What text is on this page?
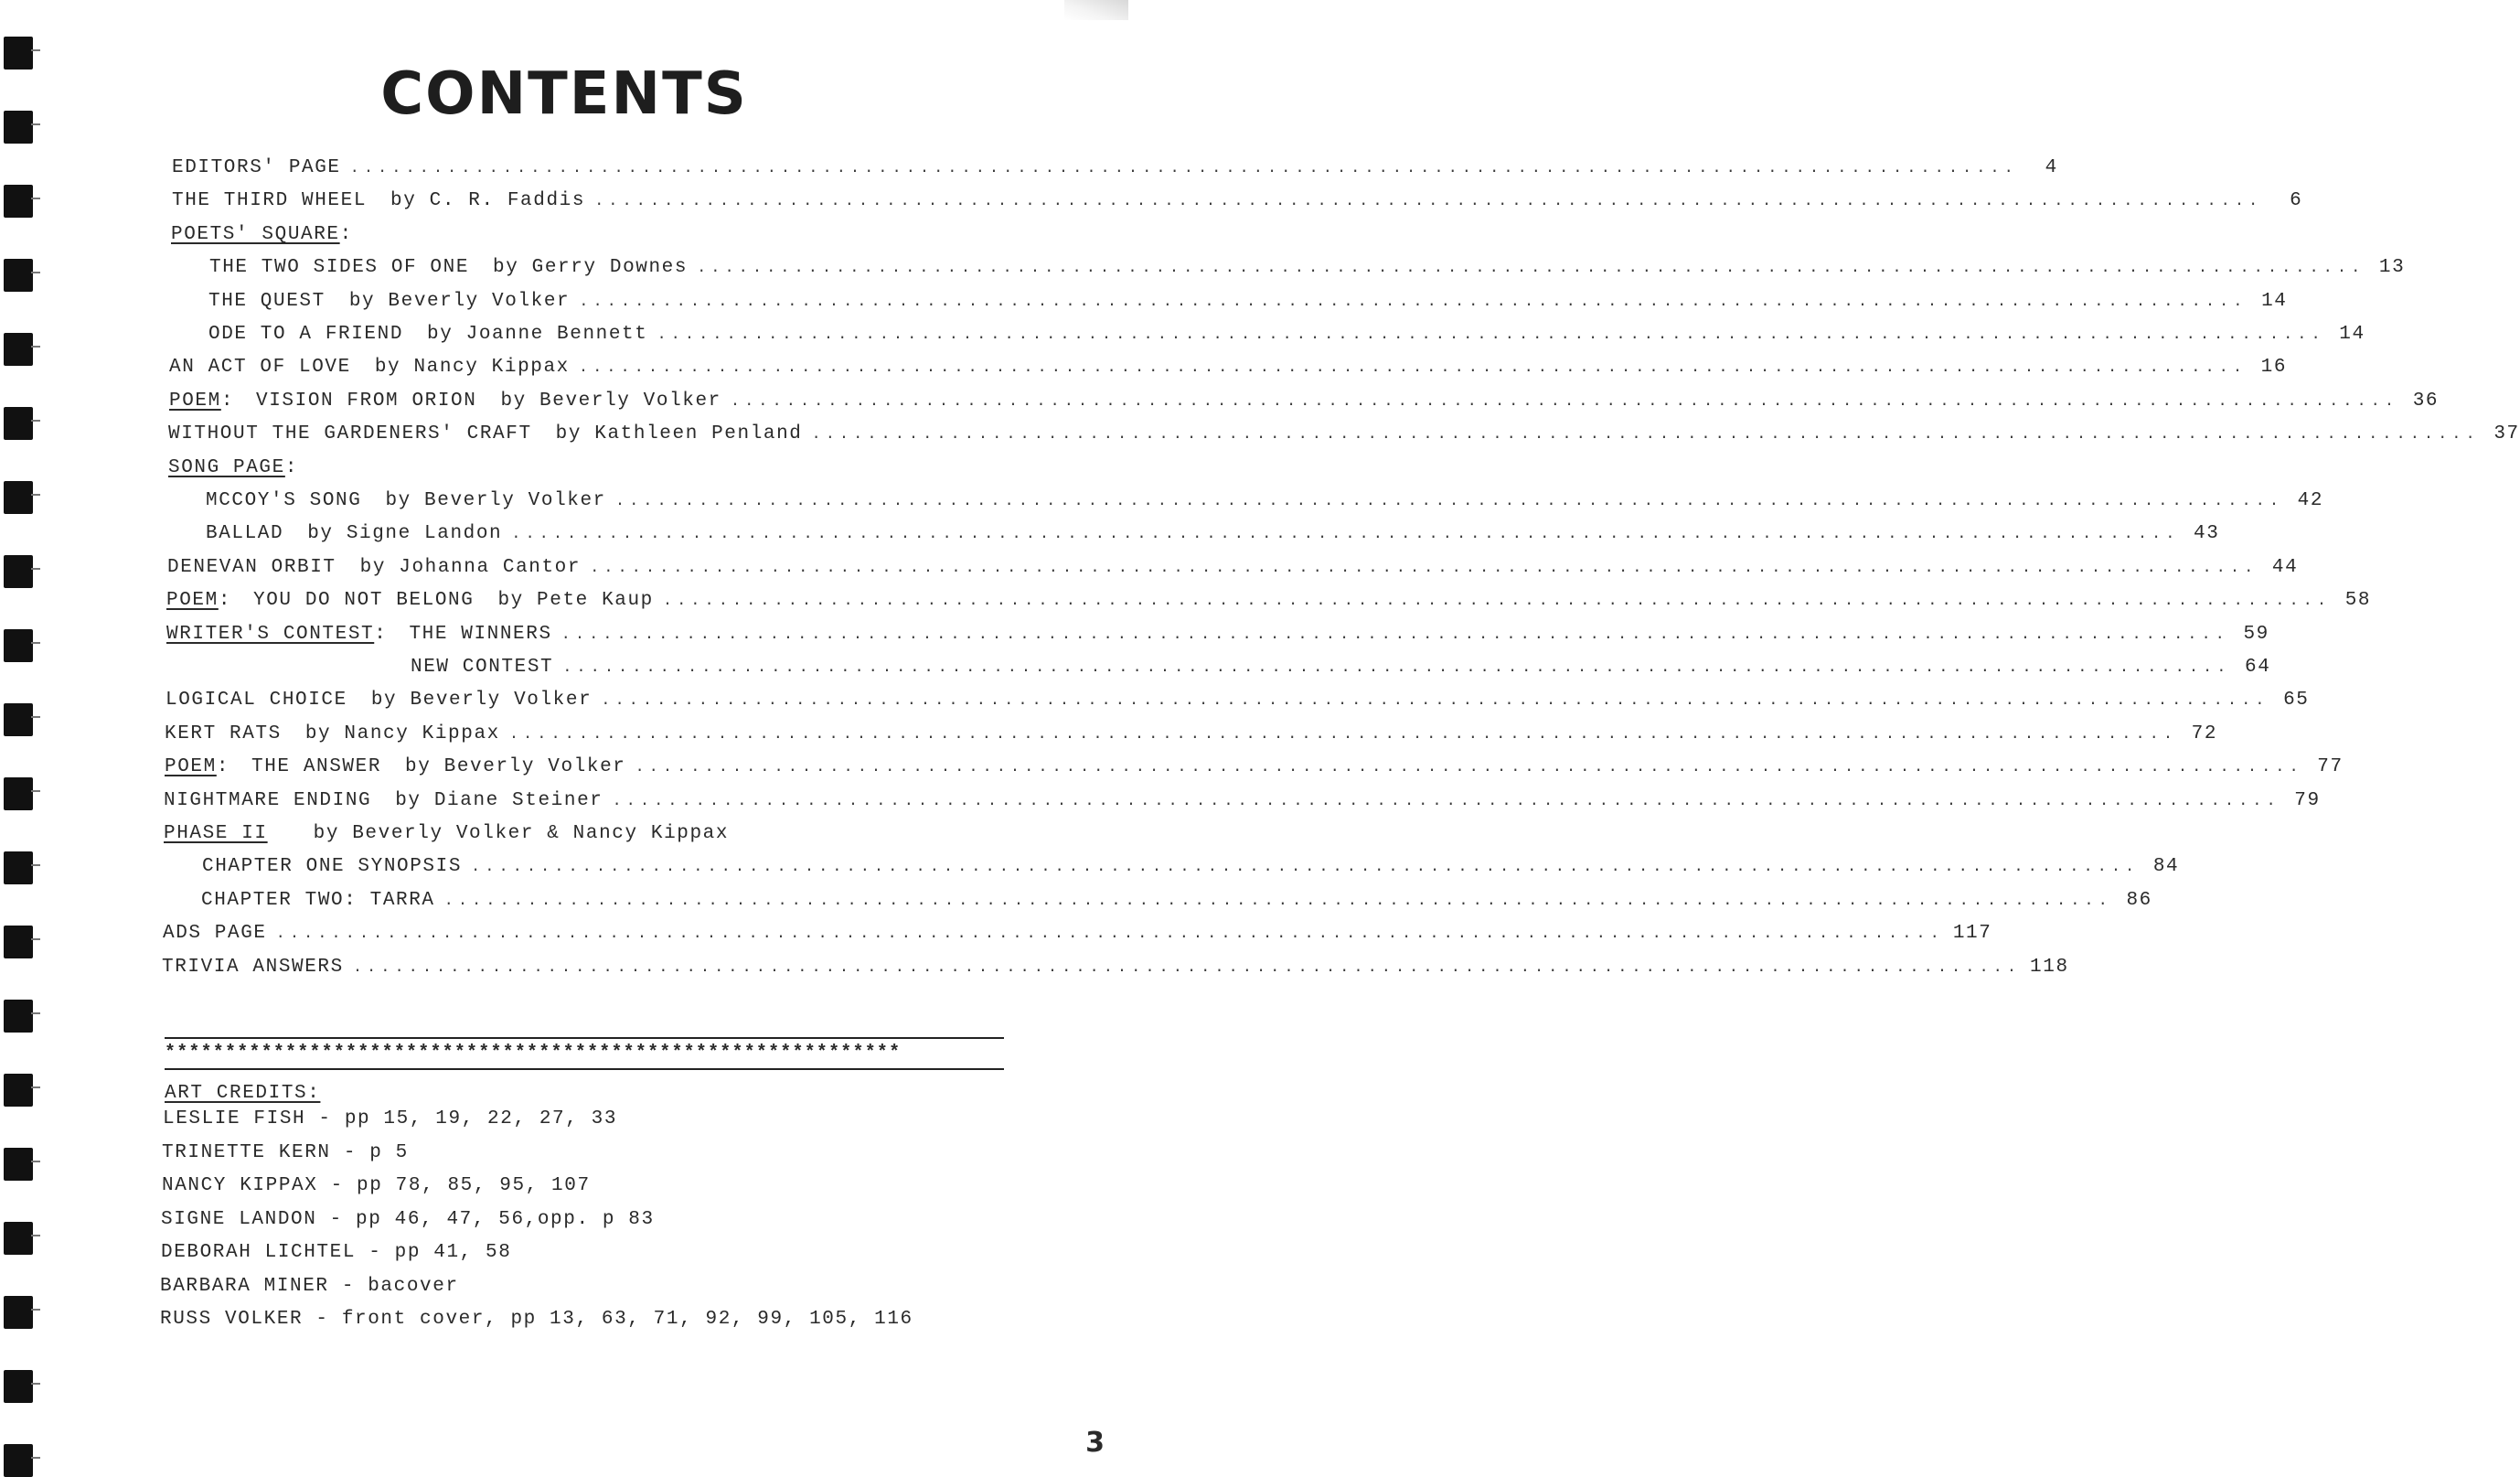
CONTENTS
EDITORS' PAGE ........................................................................................................................	4
THE THIRD WHEEL by C. R. Faddis ........................................................................................................................	6
POETS' SQUARE :
THE TWO SIDES OF ONE by Gerry Downes ........................................................................................................................ 13
THE QUEST by Beverly Volker ........................................................................................................................ 14
ODE TO A FRIEND by Joanne Bennett ........................................................................................................................ 14
AN ACT OF LOVE by Nancy Kippax ........................................................................................................................ 16
POEM : VISION FROM ORION by Beverly Volker ........................................................................................................................ 36
WITHOUT THE GARDENERS' CRAFT by Kathleen Penland ........................................................................................................................ 37
SONG PAGE :
MCCOY'S SONG by Beverly Volker ........................................................................................................................ 42
BALLAD by Signe Landon ........................................................................................................................ 43
DENEVAN ORBIT by Johanna Cantor ........................................................................................................................ 44
POEM : YOU DO NOT BELONG by Pete Kaup ........................................................................................................................ 58
WRITER'S CONTEST : THE WINNERS ........................................................................................................................ 59
NEW CONTEST ........................................................................................................................ 64
LOGICAL CHOICE by Beverly Volker ........................................................................................................................ 65
KERT RATS by Nancy Kippax ........................................................................................................................ 72
POEM : THE ANSWER by Beverly Volker ........................................................................................................................ 77
NIGHTMARE ENDING by Diane Steiner ........................................................................................................................ 79
PHASE II by Beverly Volker & Nancy Kippax
CHAPTER ONE SYNOPSIS ........................................................................................................................ 84
CHAPTER TWO: TARRA ........................................................................................................................ 86
ADS PAGE ........................................................................................................................ 117
TRIVIA ANSWERS ........................................................................................................................ 118
*************************************************************
ART CREDITS:
LESLIE FISH - pp 15, 19, 22, 27, 33
TRINETTE KERN - p 5
NANCY KIPPAX - pp 78, 85, 95, 107
SIGNE LANDON - pp 46, 47, 56,opp. p 83
DEBORAH LICHTEL - pp 41, 58
BARBARA MINER - bacover
RUSS VOLKER - front cover, pp 13, 63, 71, 92, 99, 105, 116
3
